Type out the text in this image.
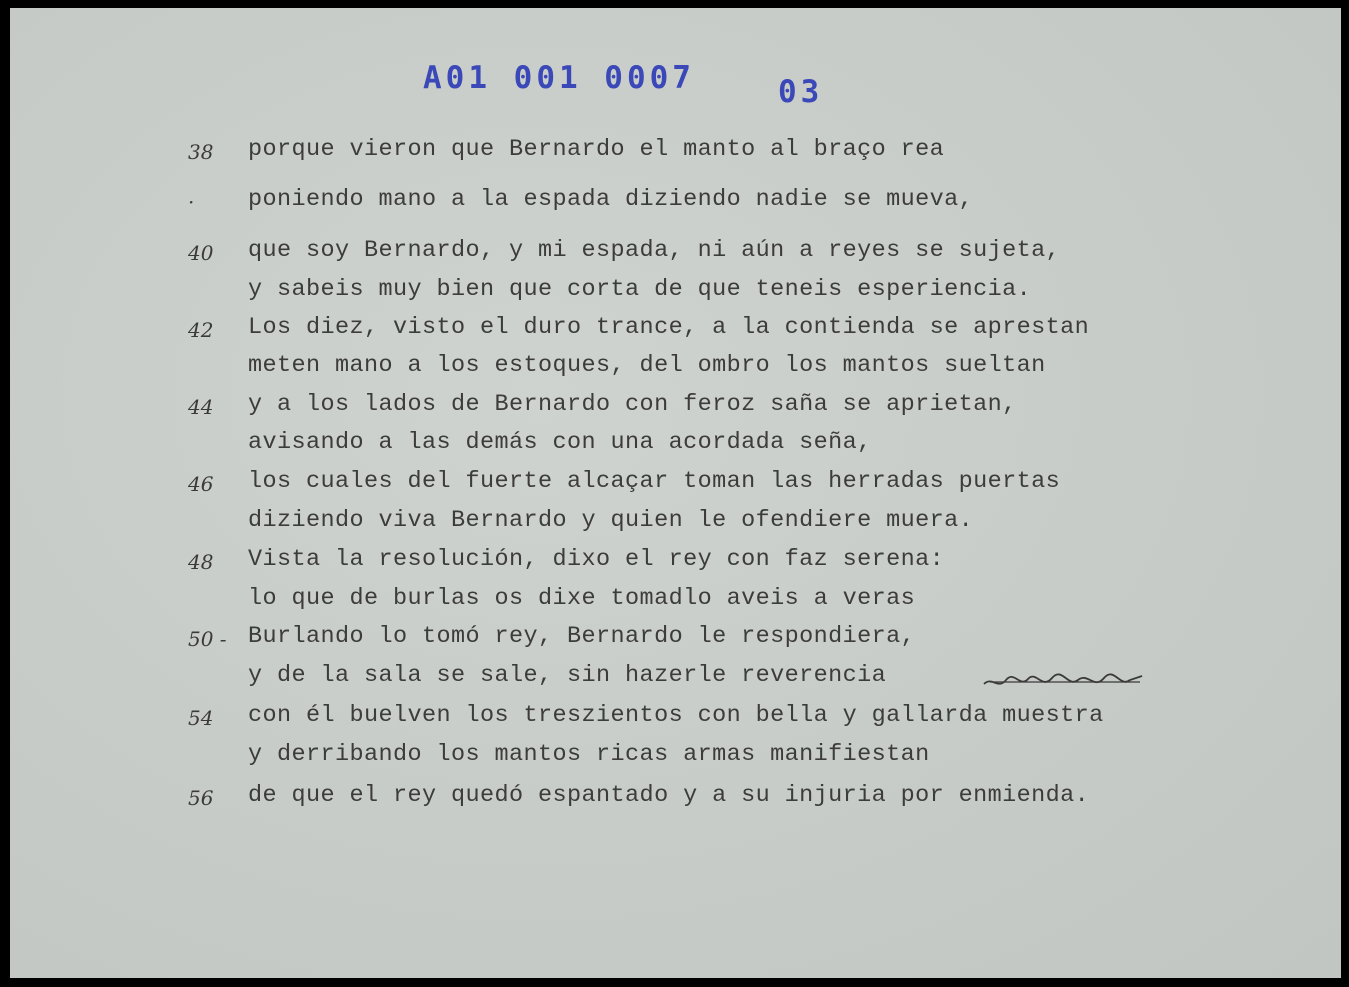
A01 001 0007	03
38	porque vieron que Bernardo el manto al braço rea
·	poniendo mano a la espada diziendo nadie se mueva,
40	que soy Bernardo, y mi espada, ni aún a reyes se sujeta,
y sabeis muy bien que corta de que teneis esperiencia.
42	Los diez, visto el duro trance, a la contienda se aprestan
meten mano a los estoques, del ombro los mantos sueltan
44	y a los lados de Bernardo con feroz saña se aprietan,
avisando a las demás con una acordada seña,
46	los cuales del fuerte alcaçar toman las herradas puertas
diziendo viva Bernardo y quien le ofendiere muera.
48	Vista la resolución, dixo el rey con faz serena:
lo que de burlas os dixe tomadlo aveis a veras
50 - Burlando lo tomó rey, Bernardo le respondiera,
y de la sala se sale, sin hazerle reverencia
54	con él buelven los treszientos con bella y gallarda muestra
y derribando los mantos ricas armas manifiestan
56	de que el rey quedó espantado y a su injuria por enmienda.
